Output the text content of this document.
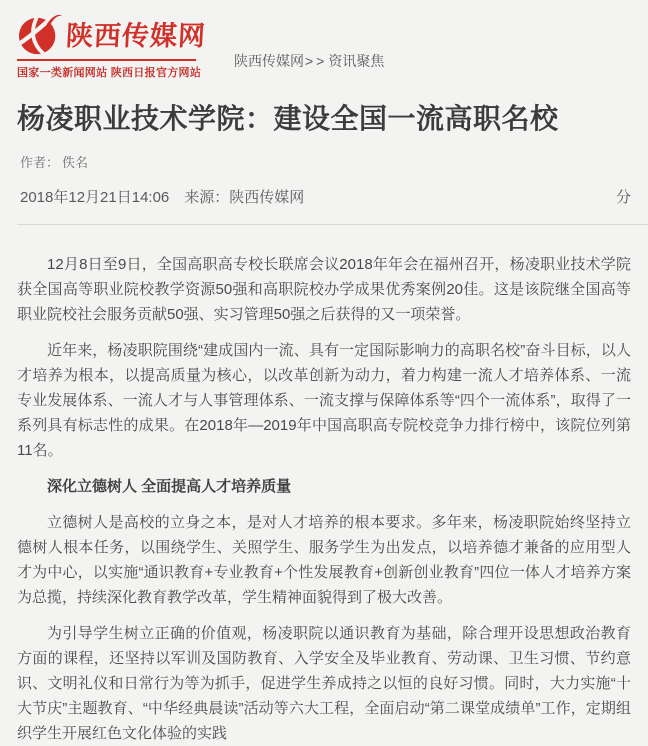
陕西传媒网
国家一类新闻网站 陕西日报官方网站
陕西传媒网>>资讯聚焦
杨凌职业技术学院：建设全国一流高职名校
作者： 佚名
2018年12月21日14:06 来源：陕西传媒网	分

12月8日至9日，全国高职高专校长联席会议2018年年会在福州召开，杨凌职业技术学院获全国高等职业院校教学资源50强和高职院校办学成果优秀案例20佳。这是该院继全国高等职业院校社会服务贡献50强、实习管理50强之后获得的又一项荣誉。

近年来，杨凌职院围绕“建成国内一流、具有一定国际影响力的高职名校”奋斗目标，以人才培养为根本，以提高质量为核心，以改革创新为动力，着力构建一流人才培养体系、一流专业发展体系、一流人才与人事管理体系、一流支撑与保障体系等“四个一流体系”，取得了一系列具有标志性的成果。在2018年—2019年中国高职高专院校竞争力排行榜中，该院位列第11名。

深化立德树人 全面提高人才培养质量

立德树人是高校的立身之本，是对人才培养的根本要求。多年来，杨凌职院始终坚持立德树人根本任务，以围绕学生、关照学生、服务学生为出发点，以培养德才兼备的应用型人才为中心，以实施“通识教育+专业教育+个性发展教育+创新创业教育”四位一体人才培养方案为总揽，持续深化教育教学改革，学生精神面貌得到了极大改善。

为引导学生树立正确的价值观，杨凌职院以通识教育为基础，除合理开设思想政治教育方面的课程，还坚持以军训及国防教育、入学安全及毕业教育、劳动课、卫生习惯、节约意识、文明礼仪和日常行为等为抓手，促进学生养成持之以恒的良好习惯。同时，大力实施“十大节庆”主题教育、“中华经典晨读”活动等六大工程，全面启动“第二课堂成绩单”工作，定期组织学生开展红色文化体验的实践
